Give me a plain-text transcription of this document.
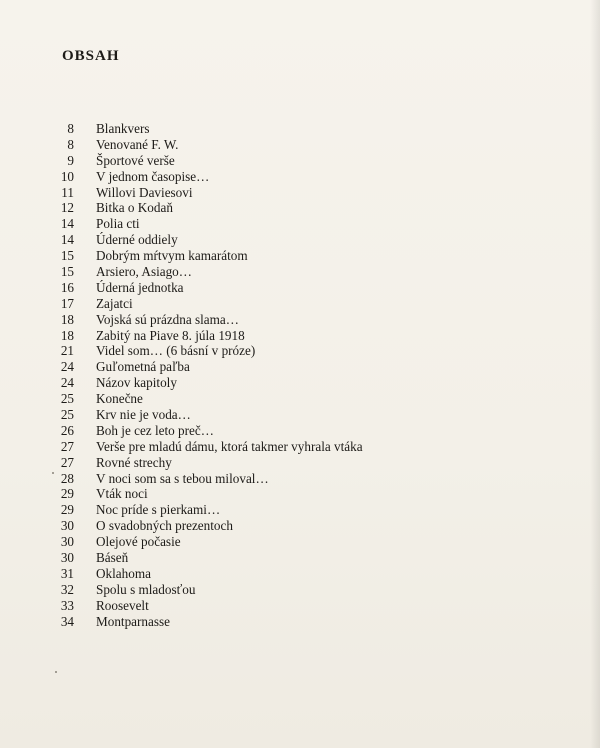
OBSAH
8 Blankvers
8 Venované F. W.
9 Športové verše
10 V jednom časopise…
11 Willovi Daviesovi
12 Bitka o Kodaň
14 Polia cti
14 Úderné oddiely
15 Dobrým mŕtvym kamarátom
15 Arsiero, Asiago…
16 Úderná jednotka
17 Zajatci
18 Vojská sú prázdna slama…
18 Zabitý na Piave 8. júla 1918
21 Videl som… (6 básní v próze)
24 Guľometná paľba
24 Názov kapitoly
25 Konečne
25 Krv nie je voda…
26 Boh je cez leto preč…
27 Verše pre mladú dámu, ktorá takmer vyhrala vtáka
27 Rovné strechy
28 V noci som sa s tebou miloval…
29 Vták noci
29 Noc príde s pierkami…
30 O svadobných prezentoch
30 Olejové počasie
30 Báseň
31 Oklahoma
32 Spolu s mladosťou
33 Roosevelt
34 Montparnasse
